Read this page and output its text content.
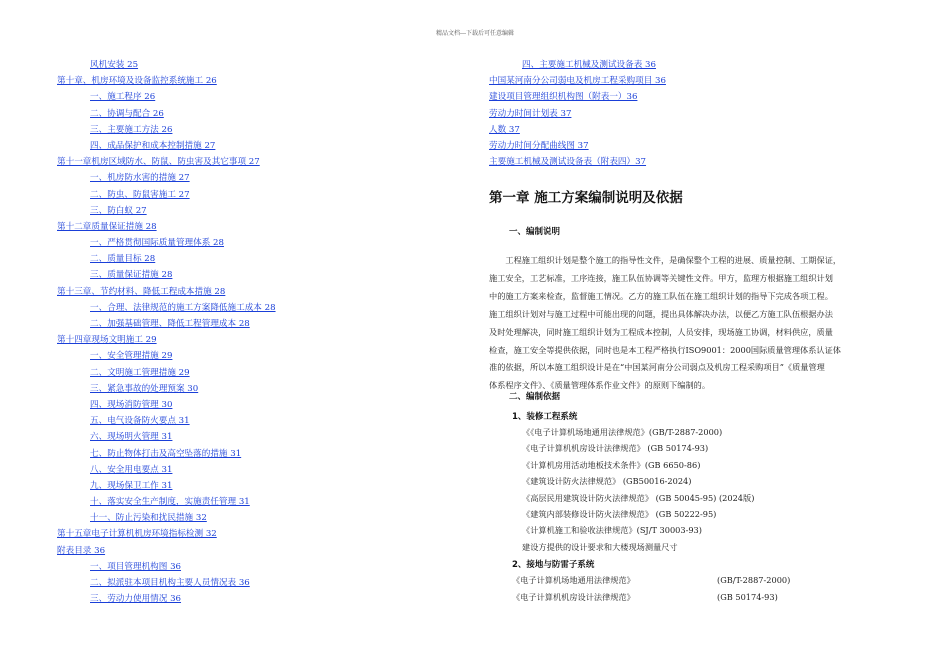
精品文档---下载后可任意编辑
风机安装 25
第十章、机房环境及设备监控系统施工 26
一、施工程序 26
二、协调与配合 26
三、主要施工方法 26
四、成品保护和成本控制措施 27
第十一章机房区域防水、防鼠、防虫害及其它事项 27
一、机房防水害的措施 27
二、防虫、防鼠害施工 27
三、防白蚁 27
第十二章质量保证措施 28
一、严格贯彻国际质量管理体系 28
二、质量目标 28
三、质量保证措施 28
第十三章、节约材料、降低工程成本措施 28
一、合理、法律规范的施工方案降低施工成本 28
二、加强基础管理、降低工程管理成本 28
第十四章现场文明施工 29
一、安全管理措施 29
二、文明施工管理措施 29
三、紧急事故的处理预案 30
四、现场消防管理 30
五、电气设备防火要点 31
六、现场明火管理 31
七、防止物体打击及高空坠落的措施 31
八、安全用电要点 31
九、现场保卫工作 31
十、落实安全生产制度，实施责任管理 31
十一、防止污染和扰民措施 32
第十五章电子计算机机房环境指标检测 32
附表目录 36
一、项目管理机构图 36
二、拟派驻本项目机构主要人员情况表 36
三、劳动力使用情况 36
四、主要施工机械及测试设备表 36
中国某河南分公司弱电及机房工程采购项目 36
建设项目管理组织机构图（附表一）36
劳动力时间计划表 37
人数 37
劳动力时间分配曲线图 37
主要施工机械及测试设备表（附表四）37
第一章 施工方案编制说明及依据
一、编制说明
　　工程施工组织计划是整个施工的指导性文件，是确保整个工程的进展、质量控制、工期保证，
施工安全，工艺标准，工序连接，施工队伍协调等关键性文件。甲方，监理方根据施工组织计划
中的施工方案来检查，监督施工情况。乙方的施工队伍在施工组织计划的指导下完成各项工程。
施工组织计划对与施工过程中可能出现的问题，提出具体解决办法，以便乙方施工队伍根据办法
及时处理解决，同时施工组织计划为工程成本控制，人员安排，现场施工协调，材料供应，质量
检查，施工安全等提供依据，同时也是本工程严格执行ISO9001：2000国际质量管理体系认证体
准的依据，所以本施工组织设计是在“中国某河南分公司弱点及机房工程采购项目”《质量管理
体系程序文件》、《质量管理体系作业文件》的原则下编制的。
二、编制依据
1、装修工程系统
《《电子计算机场地通用法律规范》(GB/T-2887-2000)
《电子计算机机房设计法律规范》 (GB 50174-93)
《计算机房用活动地板技术条件》(GB 6650-86)
《建筑设计防火法律规范》 (GB50016-2024)
《高层民用建筑设计防火法律规范》 (GB 50045-95) (2024版)
《建筑内部装修设计防火法律规范》 (GB 50222-95)
《计算机施工和验收法律规范》(SJ/T 30003-93)
建设方提供的设计要求和大楼现场测量尺寸
2、接地与防雷子系统
《电子计算机场地通用法律规范》	(GB/T-2887-2000)
《电子计算机机房设计法律规范》	(GB 50174-93)
